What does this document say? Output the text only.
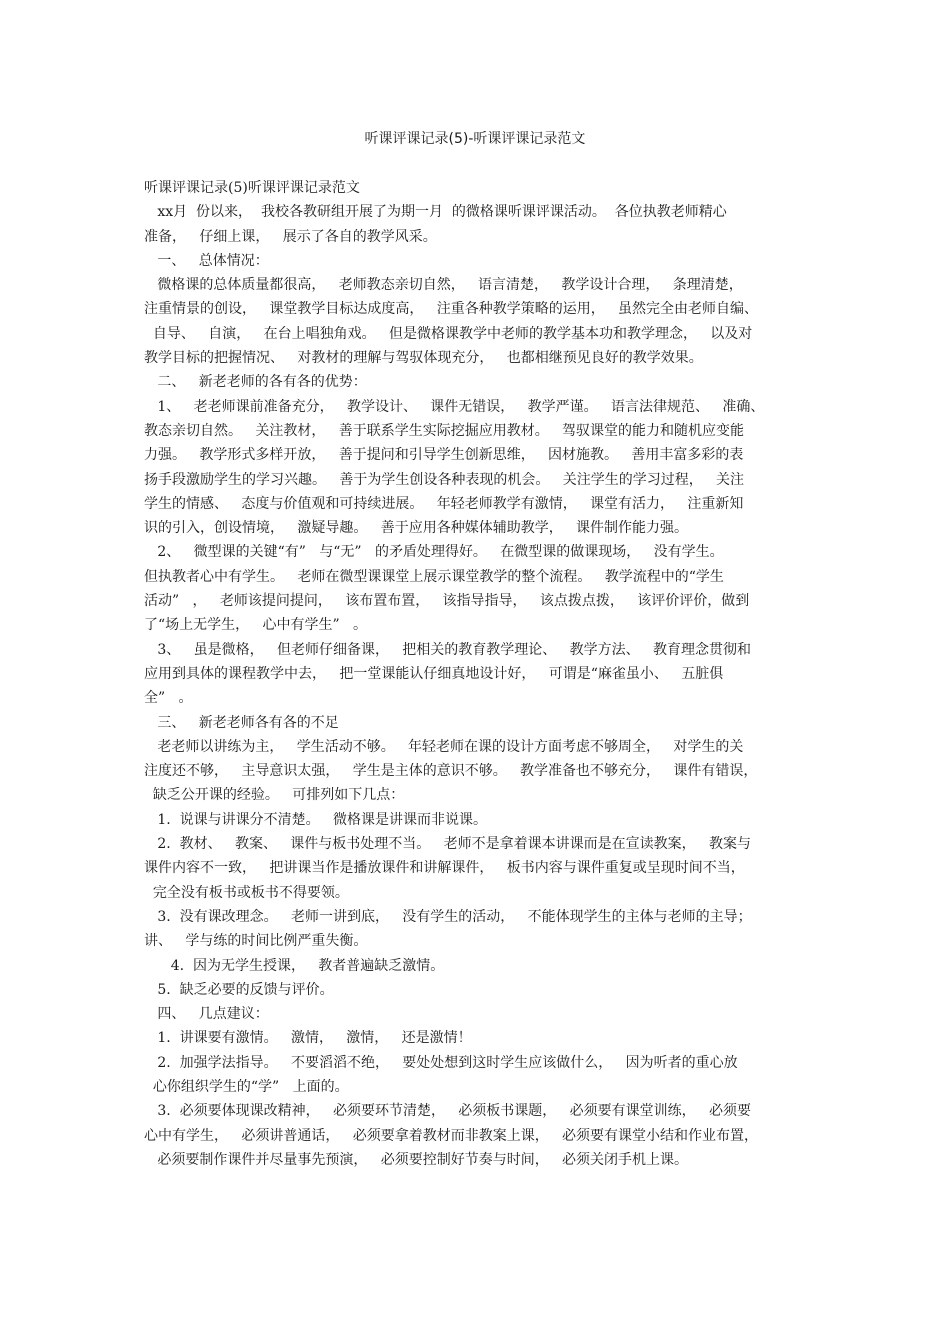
听课评课记录(5)-听课评课记录范文
听课评课记录(5)听课评课记录范文
xx月  份以来，  我校各教研组开展了为期一月  的微格课听课评课活动。  各位执教老师精心
准备，   仔细上课，   展示了各自的教学风采。
一、   总体情况：
微格课的总体质量都很高，   老师教态亲切自然，   语言清楚，   教学设计合理，   条理清楚，
注重情景的创设，   课堂教学目标达成度高，   注重各种教学策略的运用，   虽然完全由老师自编、
自导、   自演，   在台上唱独角戏。   但是微格课教学中老师的教学基本功和教学理念，   以及对
教学目标的把握情况、   对教材的理解与驾驭体现充分，   也都相继预见良好的教学效果。
二、   新老老师的各有各的优势：
1、   老老师课前准备充分，   教学设计、   课件无错误，   教学严谨。   语言法律规范、   准确、
教态亲切自然。   关注教材，   善于联系学生实际挖掘应用教材。   驾驭课堂的能力和随机应变能
力强。   教学形式多样开放，   善于提问和引导学生创新思维，   因材施教。   善用丰富多彩的表
扬手段激励学生的学习兴趣。   善于为学生创设各种表现的机会。   关注学生的学习过程，   关注
学生的情感、   态度与价值观和可持续进展。   年轻老师教学有激情，   课堂有活力，   注重新知
识的引入，创设情境，   激疑导趣。   善于应用各种媒体辅助教学，   课件制作能力强。
2、   微型课的关键“有”   与“无”   的矛盾处理得好。   在微型课的做课现场，   没有学生。
但执教者心中有学生。   老师在微型课课堂上展示课堂教学的整个流程。   教学流程中的“学生
活动”   ，   老师该提问提问，   该布置布置，   该指导指导，   该点拨点拨，   该评价评价，做到
了“场上无学生，   心中有学生”   。
3、   虽是微格，   但老师仔细备课，   把相关的教育教学理论、   教学方法、   教育理念贯彻和
应用到具体的课程教学中去，   把一堂课能认仔细真地设计好，   可谓是“麻雀虽小、   五脏俱
全”   。
三、   新老老师各有各的不足
老老师以讲练为主，   学生活动不够。   年轻老师在课的设计方面考虑不够周全，   对学生的关
注度还不够，   主导意识太强，   学生是主体的意识不够。   教学准备也不够充分，   课件有错误，
缺乏公开课的经验。   可排列如下几点：
1.  说课与讲课分不清楚。   微格课是讲课而非说课。
2.  教材、   教案、   课件与板书处理不当。   老师不是拿着课本讲课而是在宣读教案，   教案与
课件内容不一致，   把讲课当作是播放课件和讲解课件，   板书内容与课件重复或呈现时间不当，
完全没有板书或板书不得要领。
3.  没有课改理念。   老师一讲到底，   没有学生的活动，   不能体现学生的主体与老师的主导；
讲、   学与练的时间比例严重失衡。
4.  因为无学生授课，   教者普遍缺乏激情。
5.  缺乏必要的反馈与评价。
四、   几点建议：
1.  讲课要有激情。   激情，   激情，   还是激情！
2.  加强学法指导。   不要滔滔不绝，   要处处想到这时学生应该做什么，   因为听者的重心放
心你组织学生的“学”   上面的。
3.  必须要体现课改精神，   必须要环节清楚，   必须板书课题，   必须要有课堂训练，   必须要
心中有学生，   必须讲普通话，   必须要拿着教材而非教案上课，   必须要有课堂小结和作业布置，
必须要制作课件并尽量事先预演，   必须要控制好节奏与时间，   必须关闭手机上课。
